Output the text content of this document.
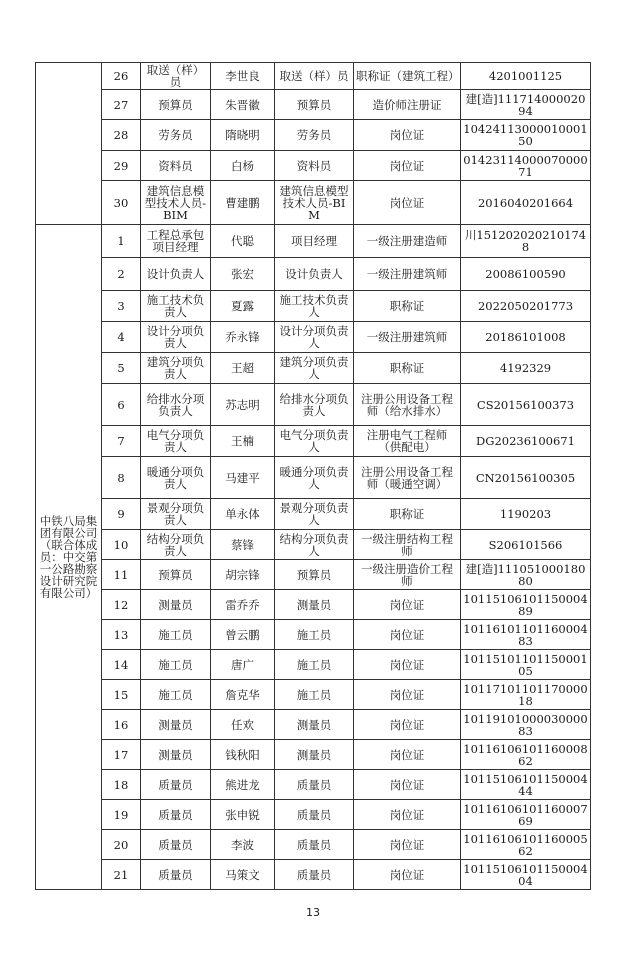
	26	取送（样）员	李世良	取送（样）员	职称证（建筑工程）	4201001125
	27	预算员	朱晋徽	预算员	造价师注册证	建[造]11171400002094
	28	劳务员	隋晓明	劳务员	岗位证	1042411300001000150
	29	资料员	白杨	资料员	岗位证	0142311400007000071
	30	建筑信息模型技术人员-BIM	曹建鹏	建筑信息模型技术人员-BIM	岗位证	2016040201664
中铁八局集团有限公司（联合体成员：中交第一公路勘察设计研究院有限公司）	1	工程总承包项目经理	代聪	项目经理	一级注册建造师	川1512020202101748
	2	设计负责人	张宏	设计负责人	一级注册建筑师	20086100590
	3	施工技术负责人	夏露	施工技术负责人	职称证	2022050201773
	4	设计分项负责人	乔永锋	设计分项负责人	一级注册建筑师	20186101008
	5	建筑分项负责人	王超	建筑分项负责人	职称证	4192329
	6	给排水分项负责人	苏志明	给排水分项负责人	注册公用设备工程师（给水排水）	CS20156100373
	7	电气分项负责人	王楠	电气分项负责人	注册电气工程师（供配电）	DG20236100671
	8	暖通分项负责人	马建平	暖通分项负责人	注册公用设备工程师（暖通空调）	CN20156100305
	9	景观分项负责人	单永体	景观分项负责人	职称证	1190203
	10	结构分项负责人	蔡锋	结构分项负责人	一级注册结构工程师	S206101566
	11	预算员	胡宗锋	预算员	一级注册造价工程师	建[造]11105100018080
	12	测量员	雷乔乔	测量员	岗位证	101151061011500048​9
	13	施工员	曾云鹏	施工员	岗位证	1011610110116000483
	14	施工员	唐广	施工员	岗位证	1011510110115000105
	15	施工员	詹克华	施工员	岗位证	1011710110117000018
	16	测量员	任欢	测量员	岗位证	1011910100003000083
	17	测量员	钱秋阳	测量员	岗位证	1011610610116000862
	18	质量员	熊进龙	质量员	岗位证	1011510610115000444
	19	质量员	张申锐	质量员	岗位证	1011610610116000769
	20	质量员	李波	质量员	岗位证	1011610610116000562
	21	质量员	马策文	质量员	岗位证	1011510610115000404
13
